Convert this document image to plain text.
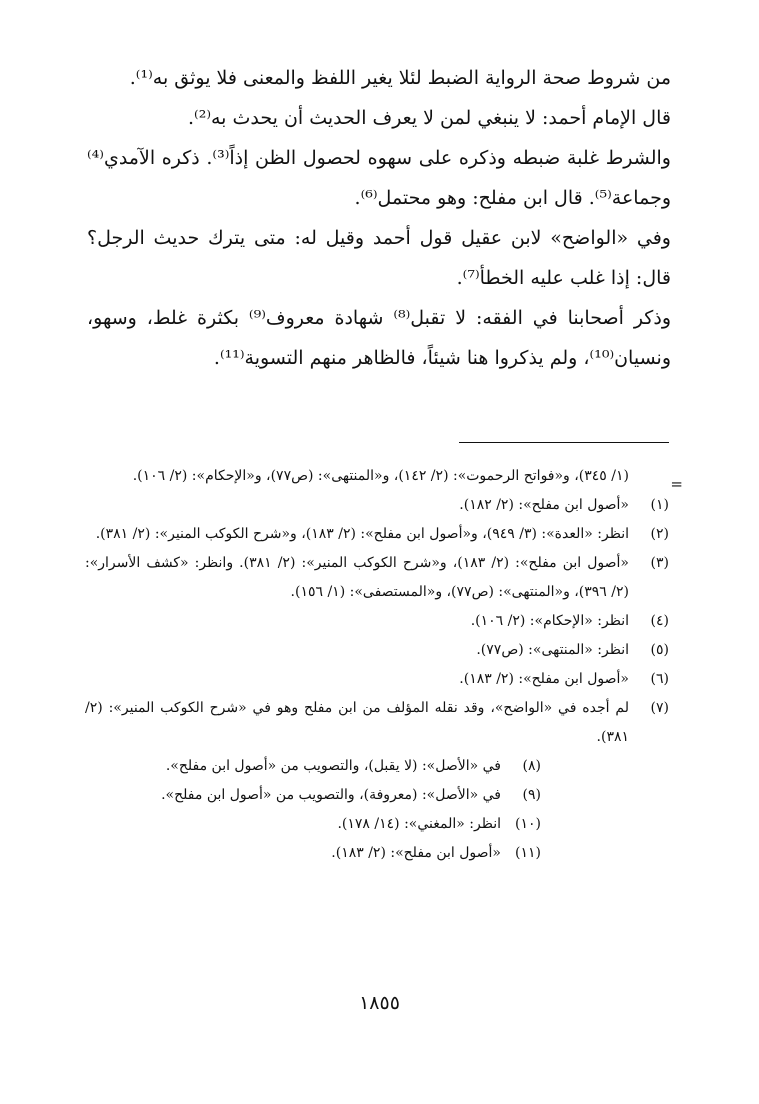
من شروط صحة الرواية الضبط لئلا يغير اللفظ والمعنى فلا يوثق به⁽¹⁾.

قال الإمام أحمد: لا ينبغي لمن لا يعرف الحديث أن يحدث به⁽²⁾.

والشرط غلبة ضبطه وذكره على سهوه لحصول الظن إذاً⁽³⁾. ذكره الآمدي⁽⁴⁾ وجماعة⁽⁵⁾. قال ابن مفلح: وهو محتمل⁽⁶⁾.

وفي «الواضح» لابن عقيل قول أحمد وقيل له: متى يترك حديث الرجل؟ قال: إذا غلب عليه الخطأ⁽⁷⁾.

وذكر أصحابنا في الفقه: لا تقبل⁽⁸⁾ شهادة معروف⁽⁹⁾ بكثرة غلط، وسهو، ونسيان⁽¹⁰⁾، ولم يذكروا هنا شيئاً، فالظاهر منهم التسوية⁽¹¹⁾.

=
(١/ ٣٤٥)، و«فواتح الرحموت»: (٢/ ١٤٢)، و«المنتهى»: (ص٧٧)، و«الإحكام»: (٢/ ١٠٦).
(١)
«أصول ابن مفلح»: (٢/ ١٨٢).
(٢)
انظر: «العدة»: (٣/ ٩٤٩)، و«أصول ابن مفلح»: (٢/ ١٨٣)، و«شرح الكوكب المنير»: (٢/ ٣٨١).
(٣)
«أصول ابن مفلح»: (٢/ ١٨٣)، و«شرح الكوكب المنير»: (٢/ ٣٨١). وانظر: «كشف الأسرار»: (٢/ ٣٩٦)، و«المنتهى»: (ص٧٧)، و«المستصفى»: (١/ ١٥٦).
(٤)
انظر: «الإحكام»: (٢/ ١٠٦).
(٥)
انظر: «المنتهى»: (ص٧٧).
(٦)
«أصول ابن مفلح»: (٢/ ١٨٣).
(٧)
لم أجده في «الواضح»، وقد نقله المؤلف من ابن مفلح وهو في «شرح الكوكب المنير»: (٢/ ٣٨١).
(٨)
في «الأصل»: (لا يقبل)، والتصويب من «أصول ابن مفلح».
(٩)
في «الأصل»: (معروفة)، والتصويب من «أصول ابن مفلح».
(١٠)
انظر: «المغني»: (١٤/ ١٧٨).
(١١)
«أصول ابن مفلح»: (٢/ ١٨٣).
١٨٥٥
